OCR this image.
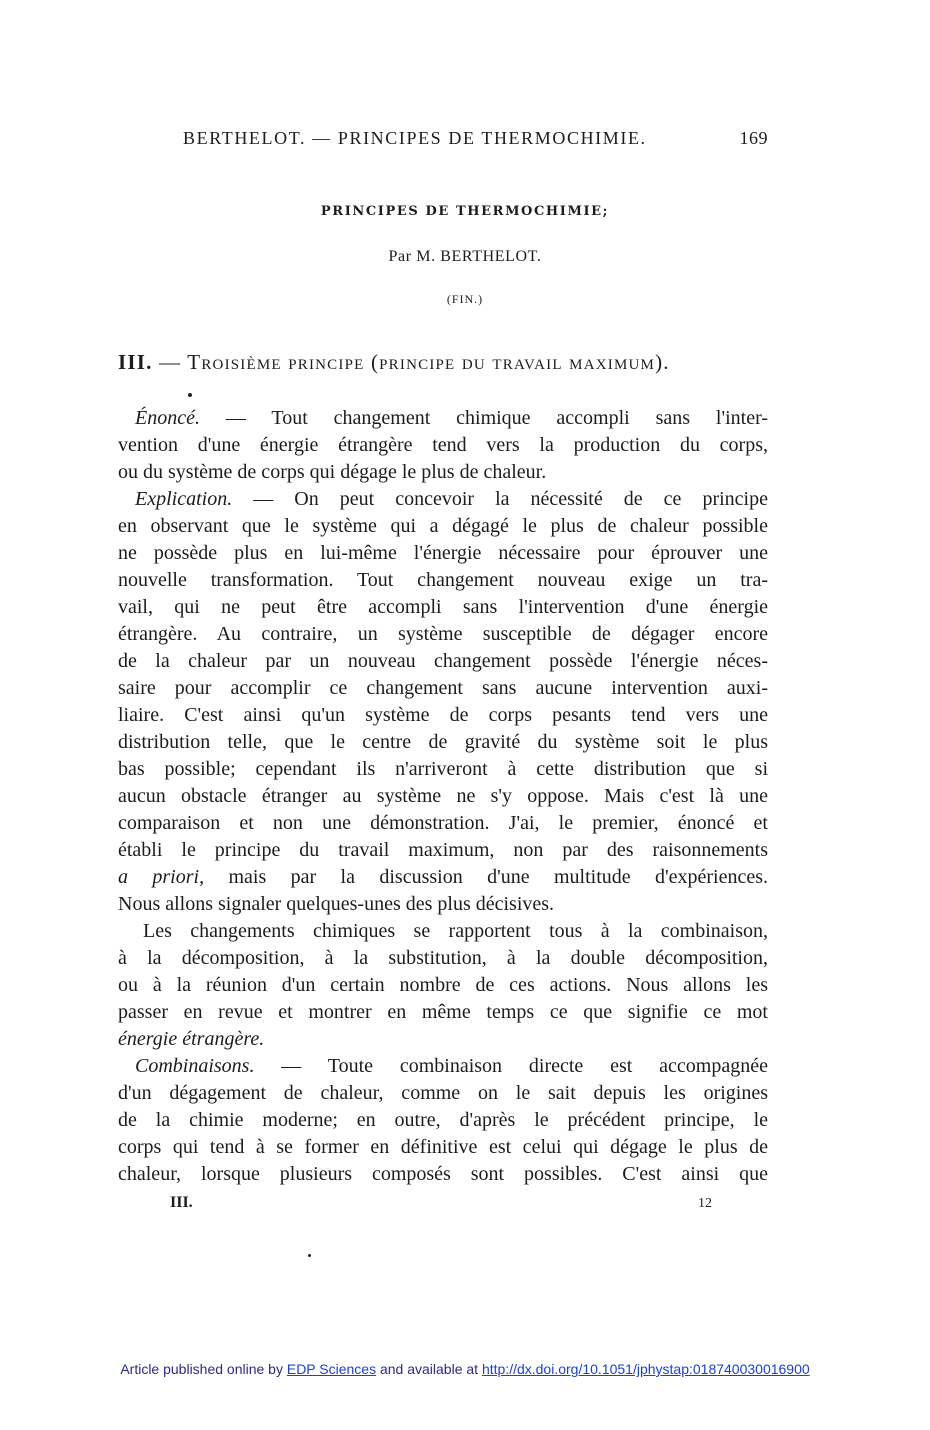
BERTHELOT. — PRINCIPES DE THERMOCHIMIE.	169
PRINCIPES DE THERMOCHIMIE;
Par M. BERTHELOT.
(FIN.)
III. — Troisième principe (principe du travail maximum).
Énoncé. — Tout changement chimique accompli sans l'inter-
vention d'une énergie étrangère tend vers la production du corps,
ou du système de corps qui dégage le plus de chaleur.
Explication. — On peut concevoir la nécessité de ce principe
en observant que le système qui a dégagé le plus de chaleur possible
ne possède plus en lui-même l'énergie nécessaire pour éprouver une
nouvelle transformation. Tout changement nouveau exige un tra-
vail, qui ne peut être accompli sans l'intervention d'une énergie
étrangère. Au contraire, un système susceptible de dégager encore
de la chaleur par un nouveau changement possède l'énergie néces-
saire pour accomplir ce changement sans aucune intervention auxi-
liaire. C'est ainsi qu'un système de corps pesants tend vers une
distribution telle, que le centre de gravité du système soit le plus
bas possible; cependant ils n'arriveront à cette distribution que si
aucun obstacle étranger au système ne s'y oppose. Mais c'est là une
comparaison et non une démonstration. J'ai, le premier, énoncé et
établi le principe du travail maximum, non par des raisonnements
a priori, mais par la discussion d'une multitude d'expériences.
Nous allons signaler quelques-unes des plus décisives.
Les changements chimiques se rapportent tous à la combinaison,
à la décomposition, à la substitution, à la double décomposition,
ou à la réunion d'un certain nombre de ces actions. Nous allons les
passer en revue et montrer en même temps ce que signifie ce mot
énergie étrangère.
Combinaisons. — Toute combinaison directe est accompagnée
d'un dégagement de chaleur, comme on le sait depuis les origines
de la chimie moderne; en outre, d'après le précédent principe, le
corps qui tend à se former en définitive est celui qui dégage le plus de
chaleur, lorsque plusieurs composés sont possibles. C'est ainsi que
III.	12
Article published online by EDP Sciences and available at http://dx.doi.org/10.1051/jphystap:018740030016900
